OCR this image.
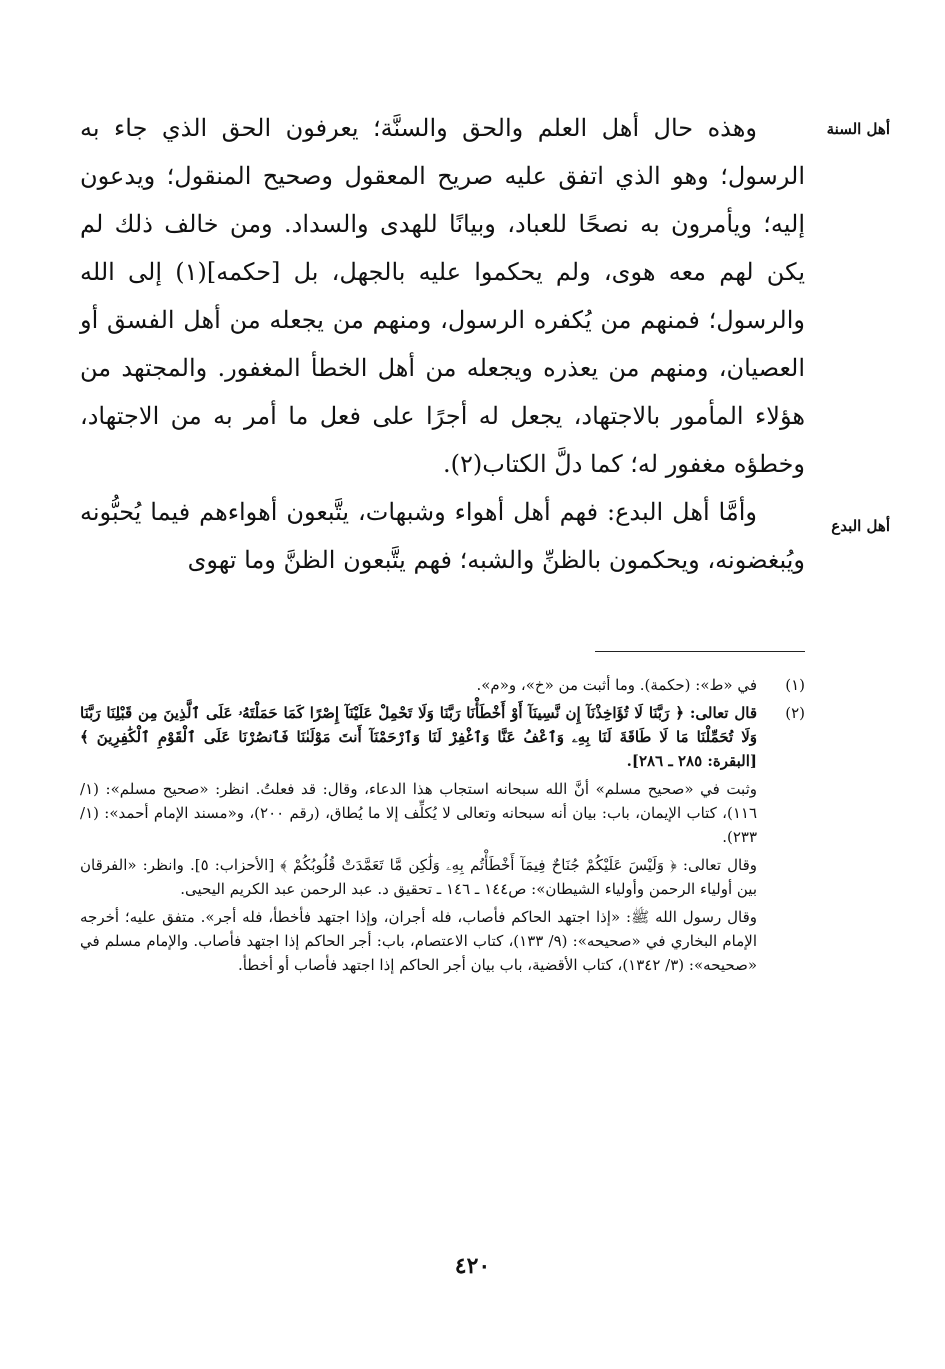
أهل السنة
أهل البدع

وهذه حال أهل العلم والحق والسنَّة؛ يعرفون الحق الذي جاء به الرسول؛ وهو الذي اتفق عليه صريح المعقول وصحيح المنقول؛ ويدعون إليه؛ ويأمرون به نصحًا للعباد، وبيانًا للهدى والسداد. ومن خالف ذلك لم يكن لهم معه هوى، ولم يحكموا عليه بالجهل، بل [حكمه](١) إلى الله والرسول؛ فمنهم من يُكفره الرسول، ومنهم من يجعله من أهل الفسق أو العصيان، ومنهم من يعذره ويجعله من أهل الخطأ المغفور. والمجتهد من هؤلاء المأمور بالاجتهاد، يجعل له أجرًا على فعل ما أمر به من الاجتهاد، وخطؤه مغفور له؛ كما دلَّ الكتاب(٢).

وأمَّا أهل البدع: فهم أهل أهواء وشبهات، يتَّبعون أهواءهم فيما يُحبُّونه ويُبغضونه، ويحكمون بالظنِّ والشبه؛ فهم يتَّبعون الظنَّ وما تهوى

(١)

في «ط»: (حكمة). وما أثبت من «خ»، و«م».

(٢)

قال تعالى: ﴿ رَبَّنَا لَا تُؤَاخِذْنَآ إِن نَّسِينَآ أَوْ أَخْطَأْنَا رَبَّنَا وَلَا تَحْمِلْ عَلَيْنَآ إِصْرًا كَمَا حَمَلْتَهُۥ عَلَى ٱلَّذِينَ مِن قَبْلِنَا رَبَّنَا وَلَا تُحَمِّلْنَا مَا لَا طَاقَةَ لَنَا بِهِۦ وَٱعْفُ عَنَّا وَٱغْفِرْ لَنَا وَٱرْحَمْنَآ أَنتَ مَوْلَىٰنَا فَٱنصُرْنَا عَلَى ٱلْقَوْمِ ٱلْكَٰفِرِينَ ﴾ [البقرة: ٢٨٥ ـ ٢٨٦].

وثبت في «صحيح مسلم» أنَّ الله سبحانه استجاب هذا الدعاء، وقال: قد فعلتُ. انظر: «صحيح مسلم»: (١/ ١١٦)، كتاب الإيمان، باب: بيان أنه سبحانه وتعالى لا يُكلِّف إلا ما يُطاق، (رقم ٢٠٠)، و«مسند الإمام أحمد»: (١/ ٢٣٣).

وقال تعالى: ﴿ وَلَيْسَ عَلَيْكُمْ جُنَاحٌ فِيمَآ أَخْطَأْتُم بِهِۦ وَلَٰكِن مَّا تَعَمَّدَتْ قُلُوبُكُمْ ﴾ [الأحزاب: ٥]. وانظر: «الفرقان بين أولياء الرحمن وأولياء الشيطان»: ص١٤٤ ـ ١٤٦ ـ تحقيق د. عبد الرحمن عبد الكريم اليحيى.

وقال رسول الله ﷺ: «إذا اجتهد الحاكم فأصاب، فله أجران، وإذا اجتهد فأخطأ، فله أجر». متفق عليه؛ أخرجه الإمام البخاري في «صحيحه»: (٩/ ١٣٣)، كتاب الاعتصام، باب: أجر الحاكم إذا اجتهد فأصاب. والإمام مسلم في «صحيحه»: (٣/ ١٣٤٢)، كتاب الأقضية، باب بيان أجر الحاكم إذا اجتهد فأصاب أو أخطأ.

٤٢٠
